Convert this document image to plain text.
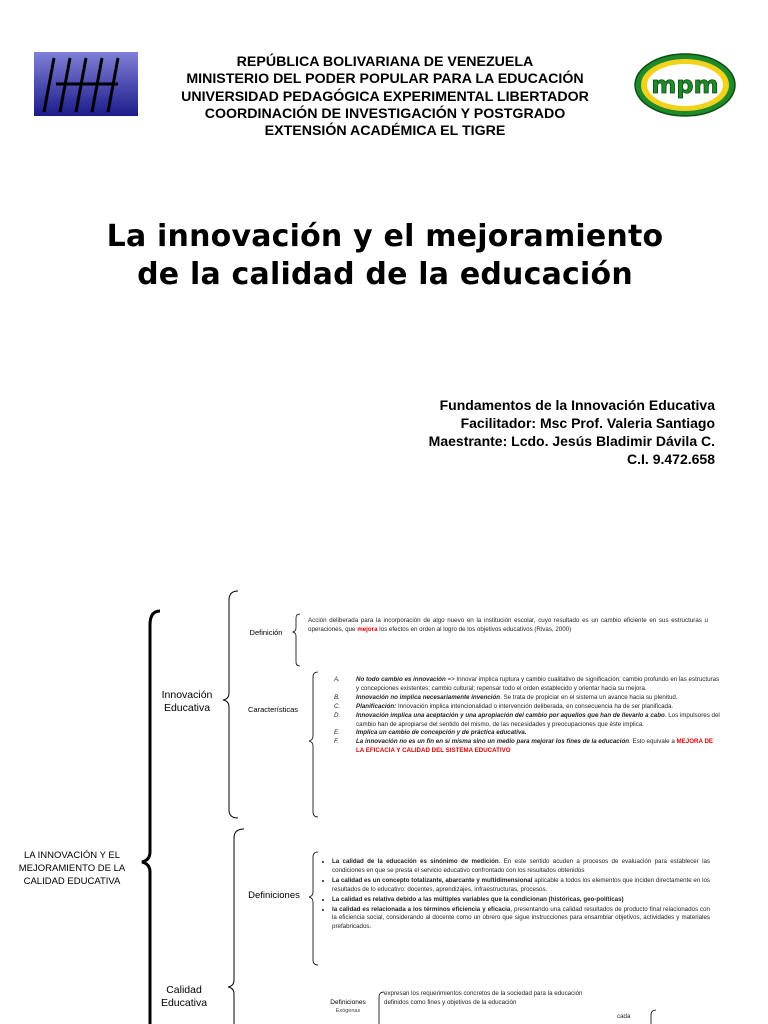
REPÚBLICA BOLIVARIANA DE VENEZUELA
MINISTERIO DEL PODER POPULAR PARA LA EDUCACIÓN
UNIVERSIDAD PEDAGÓGICA EXPERIMENTAL LIBERTADOR
COORDINACIÓN DE INVESTIGACIÓN Y POSTGRADO
EXTENSIÓN ACADÉMICA EL TIGRE
mpm
La innovación y el mejoramiento
de la calidad de la educación
Fundamentos de la Innovación Educativa
Facilitador: Msc Prof. Valeria Santiago
Maestrante: Lcdo. Jesús Bladimir Dávila C.
C.I. 9.472.658
LA INNOVACIÓN Y EL MEJORAMIENTO DE LA CALIDAD EDUCATIVA
Innovación Educativa
Definición
Acción deliberada para la incorporación de algo nuevo en la institución escolar, cuyo resultado es un cambio eficiente en sus estructuras u operaciones, que mejora los efectos en orden al logro de los objetivos educativos (Rivas, 2000)
Características
A.	No todo cambio es innovación => Innovar implica ruptura y cambio cualitativo de significación; cambio profundo en las estructuras y concepciones existentes; cambio cultural; repensar todo el orden establecido y orientar hacia su mejora.
B.	Innovación no implica necesariamente invención. Se trata de propiciar en el sistema un avance hacia su plenitud.
C.	Planificación: Innovación implica intencionalidad o intervención deliberada, en consecuencia ha de ser planificada.
D.	Innovación implica una aceptación y una apropiación del cambio por aquellos que han de llevarlo a cabo. Los impulsores del cambio han de apropiarse del sentido del mismo, de las necesidades y preocupaciones que éste implica.
E.	Implica un cambio de concepción y de práctica educativa.
F.	La innovación no es un fin en sí misma sino un medio para mejorar los fines de la educación. Esto equivale a MEJORA DE LA EFICACIA Y CALIDAD DEL SISTEMA EDUCATIVO
Calidad Educativa
Definiciones
• La calidad de la educación es sinónimo de medición. En este sentido acuden a procesos de evaluación para establecer las condiciones en que se presta el servicio educativo confrontado con los resultados obtenidos
• La calidad es un concepto totalizante, abarcante y multidimensional aplicable a todos los elementos que inciden directamente en los resultados de lo educativo: docentes, aprendizajes, infraestructuras, procesos.
• La calidad es relativa debido a las múltiples variables que la condicionan (históricas, geo-políticas)
• la calidad es relacionada a los términos eficiencia y eficacia, presentando una calidad resultados de producto final relacionados con la eficiencia social, considerando al docente como un obrero que sigue instrucciones para ensamblar objetivos, actividades y materiales prefabricados.
Definiciones
Exógenas
expresan los requerimientos concretos de la sociedad para la educación definidos como fines y objetivos de la educación
cada
